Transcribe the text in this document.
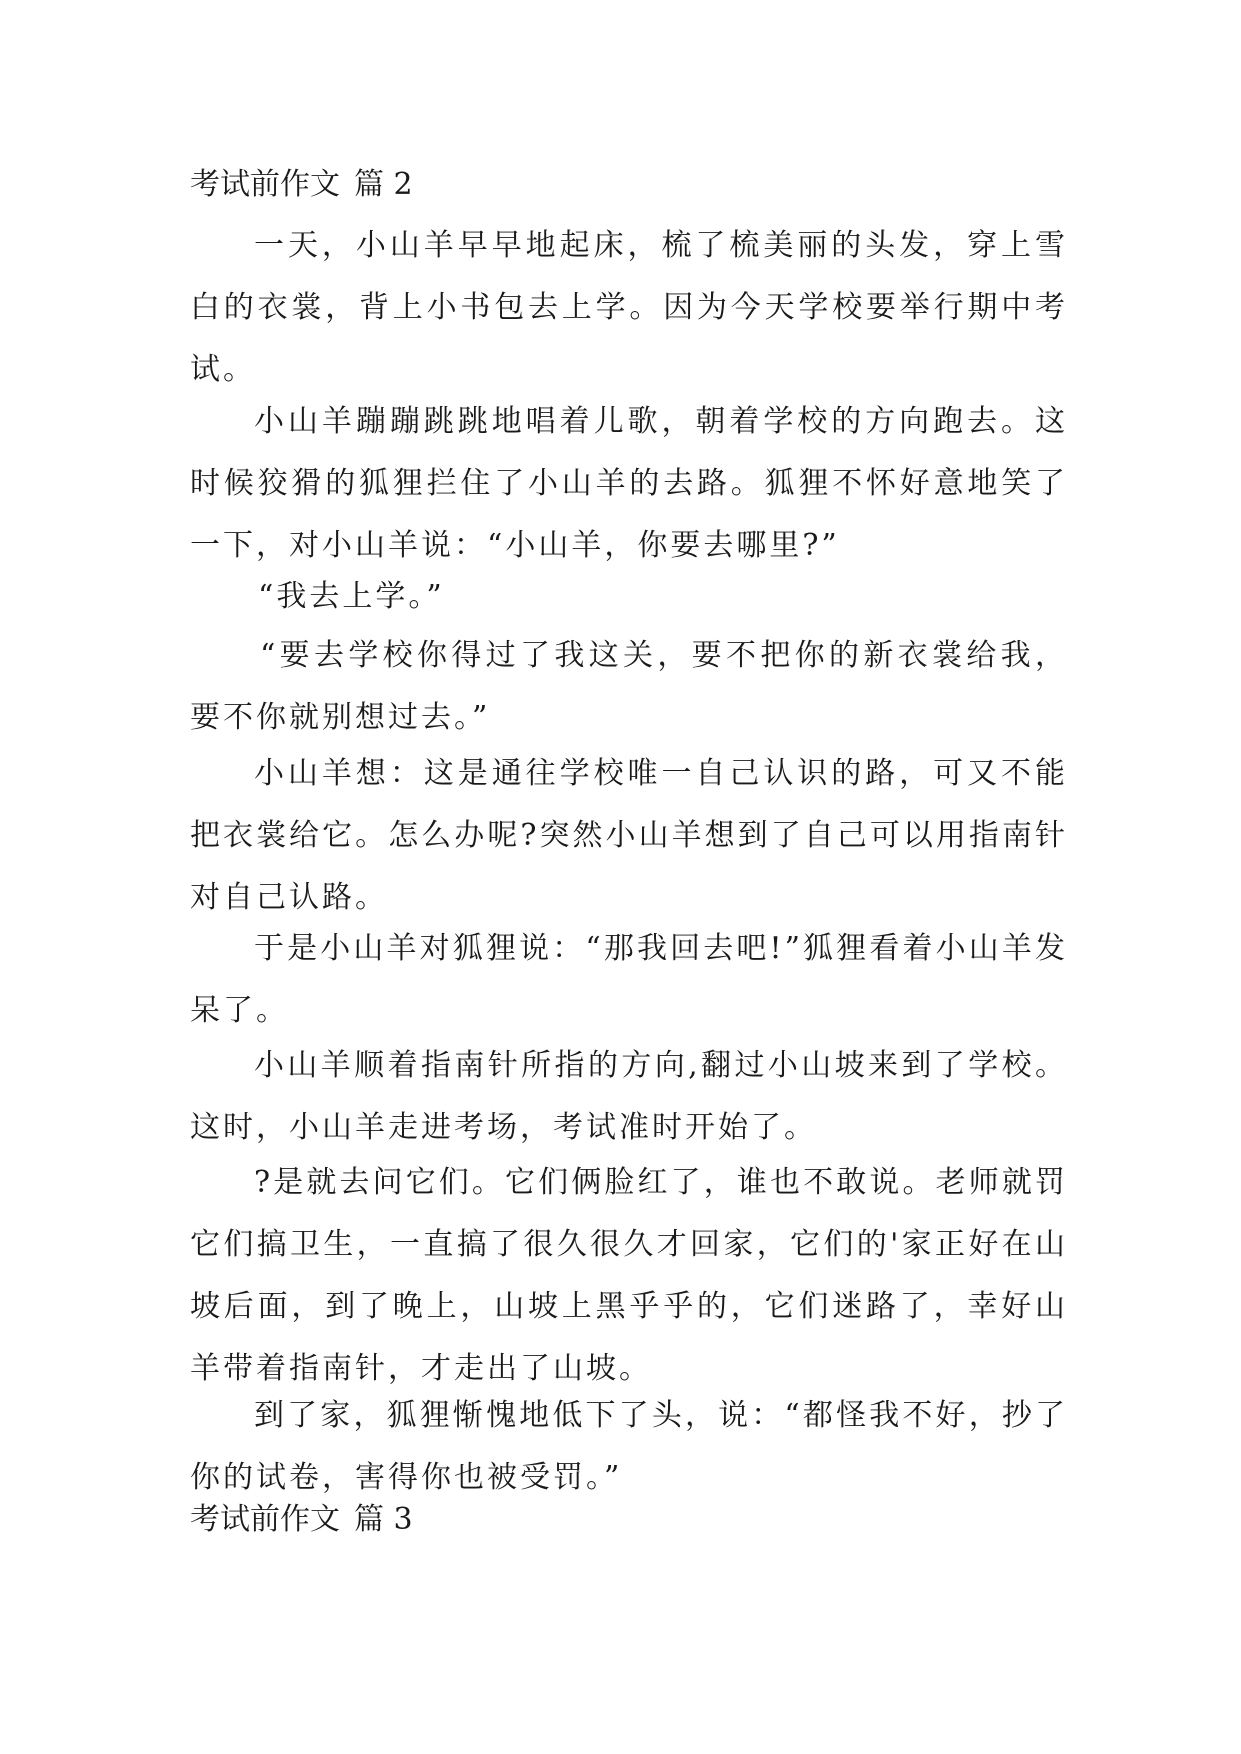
考试前作文 篇 2

一天，小山羊早早地起床，梳了梳美丽的头发，穿上雪白的衣裳，背上小书包去上学。因为今天学校要举行期中考试。

小山羊蹦蹦跳跳地唱着儿歌，朝着学校的方向跑去。这时候狡猾的狐狸拦住了小山羊的去路。狐狸不怀好意地笑了一下，对小山羊说：“小山羊，你要去哪里?”

“我去上学。”

“要去学校你得过了我这关，要不把你的新衣裳给我，要不你就别想过去。”

小山羊想：这是通往学校唯一自己认识的路，可又不能把衣裳给它。怎么办呢?突然小山羊想到了自己可以用指南针对自己认路。

于是小山羊对狐狸说：“那我回去吧!”狐狸看着小山羊发呆了。

小山羊顺着指南针所指的方向,翻过小山坡来到了学校。这时，小山羊走进考场，考试准时开始了。

?是就去问它们。它们俩脸红了，谁也不敢说。老师就罚它们搞卫生，一直搞了很久很久才回家，它们的'家正好在山坡后面，到了晚上，山坡上黑乎乎的，它们迷路了，幸好山羊带着指南针，才走出了山坡。

到了家，狐狸惭愧地低下了头，说：“都怪我不好，抄了你的试卷，害得你也被受罚。”

考试前作文 篇 3
